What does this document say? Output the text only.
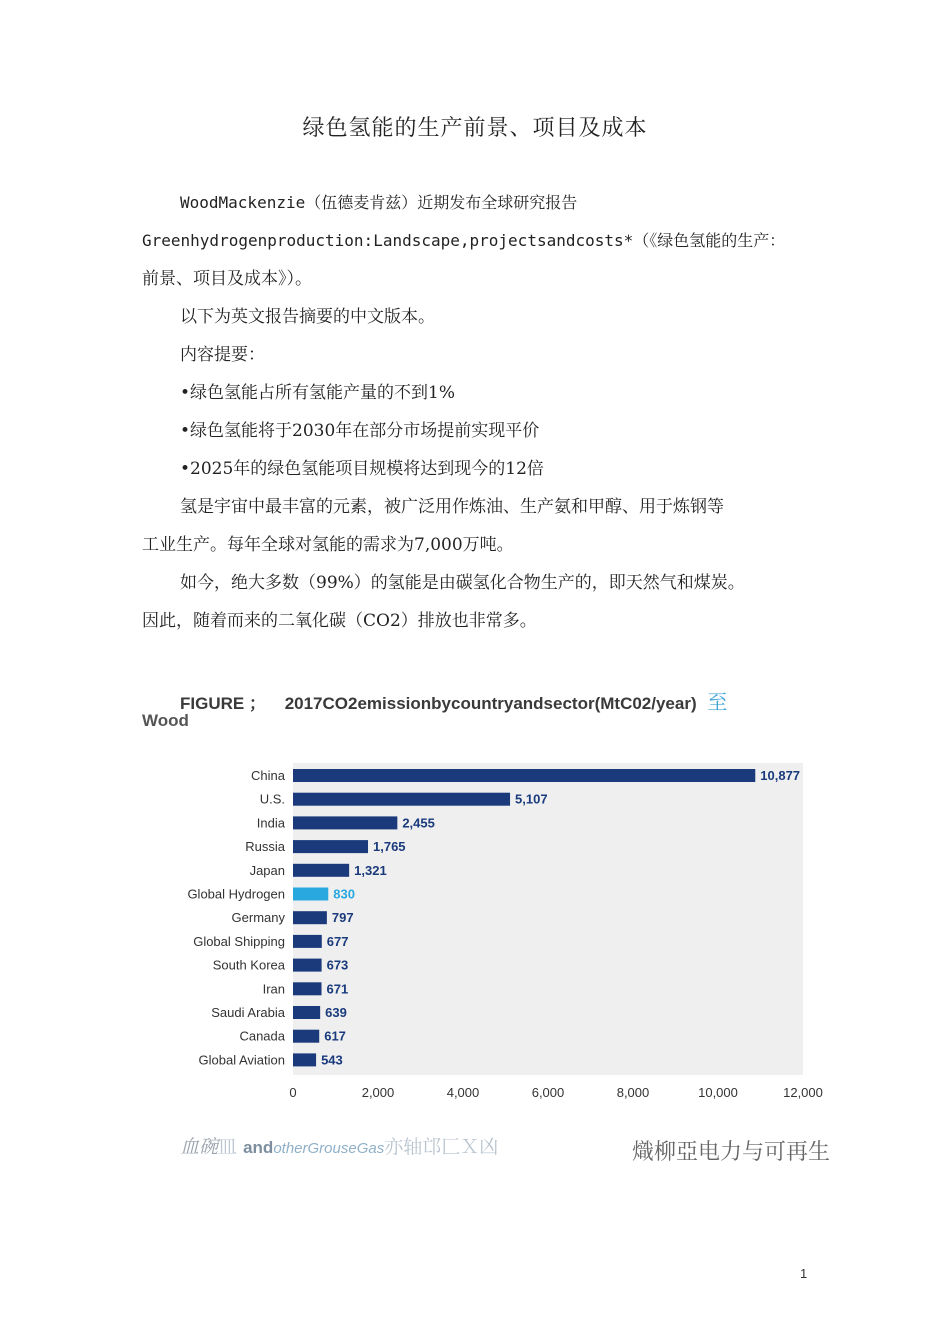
绿色氢能的生产前景、项目及成本
WoodMackenzie（伍德麦肯兹）近期发布全球研究报告
Greenhydrogenproduction:Landscape,projectsandcosts*（《绿色氢能的生产：
前景、项目及成本》）。
以下为英文报告摘要的中文版本。
内容提要：
•绿色氢能占所有氢能产量的不到1%
•绿色氢能将于2030年在部分市场提前实现平价
•2025年的绿色氢能项目规模将达到现今的12倍
氢是宇宙中最丰富的元素，被广泛用作炼油、生产氨和甲醇、用于炼钢等
工业生产。每年全球对氢能的需求为7,000万吨。
如今，绝大多数（99%）的氢能是由碳氢化合物生产的，即天然气和煤炭。
因此，随着而来的二氧化碳（CO2）排放也非常多。
FIGURE ； 2017CO2emissionbycountryandsector(MtC02/year) 至
Wood
China	10,877
U.S.	5,107
India	2,455
Russia	1,765
Japan	1,321
Global Hydrogen	830
Germany	797
Global Shipping	677
South Korea	673
Iran	671
Saudi Arabia	639
Canada	617
Global Aviation	543
0	2,000	4,000	6,000	8,000	10,000	12,000
血碗皿 andotherGrouseGas亦轴邙匚Ｘ凶	熾柳亞电力与可再生
1
